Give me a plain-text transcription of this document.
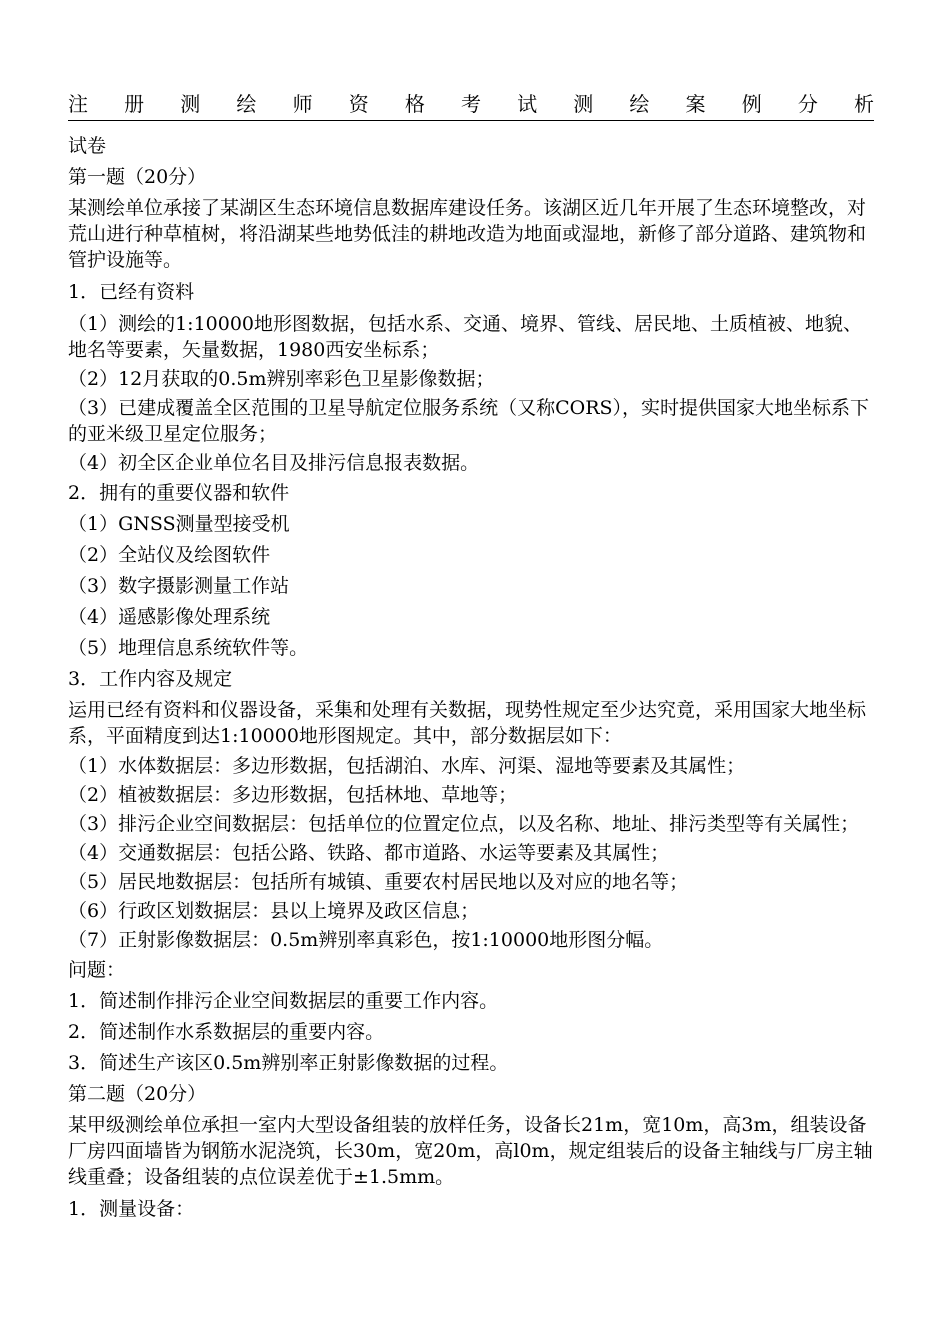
注 册 测 绘 师 资 格 考 试 测 绘 案 例 分 析
试卷
第一题（20分）
某测绘单位承接了某湖区生态环境信息数据库建设任务。该湖区近几年开展了生态环境整改，对荒山进行种草植树，将沿湖某些地势低洼的耕地改造为地面或湿地，新修了部分道路、建筑物和管护设施等。
1．已经有资料
（1）测绘的1:10000地形图数据，包括水系、交通、境界、管线、居民地、土质植被、地貌、地名等要素，矢量数据，1980西安坐标系；
（2）12月获取的0.5m辨别率彩色卫星影像数据；
（3）已建成覆盖全区范围的卫星导航定位服务系统（又称CORS），实时提供国家大地坐标系下的亚米级卫星定位服务；
（4）初全区企业单位名目及排污信息报表数据。
2．拥有的重要仪器和软件
（1）GNSS测量型接受机
（2）全站仪及绘图软件
（3）数字摄影测量工作站
（4）遥感影像处理系统
（5）地理信息系统软件等。
3．工作内容及规定
运用已经有资料和仪器设备，采集和处理有关数据，现势性规定至少达究竟，采用国家大地坐标系，平面精度到达1:10000地形图规定。其中，部分数据层如下：
（1）水体数据层：多边形数据，包括湖泊、水库、河渠、湿地等要素及其属性；
（2）植被数据层：多边形数据，包括林地、草地等；
（3）排污企业空间数据层：包括单位的位置定位点，以及名称、地址、排污类型等有关属性；
（4）交通数据层：包括公路、铁路、都市道路、水运等要素及其属性；
（5）居民地数据层：包括所有城镇、重要农村居民地以及对应的地名等；
（6）行政区划数据层：县以上境界及政区信息；
（7）正射影像数据层：0.5m辨别率真彩色，按1:10000地形图分幅。
问题：
1．简述制作排污企业空间数据层的重要工作内容。
2．简述制作水系数据层的重要内容。
3．简述生产该区0.5m辨别率正射影像数据的过程。
第二题（20分）
某甲级测绘单位承担一室内大型设备组装的放样任务，设备长21m，宽10m，高3m，组装设备厂房四面墙皆为钢筋水泥浇筑，长30m，宽20m，高l0m，规定组装后的设备主轴线与厂房主轴线重叠；设备组装的点位误差优于±1.5mm。
1．测量设备：
